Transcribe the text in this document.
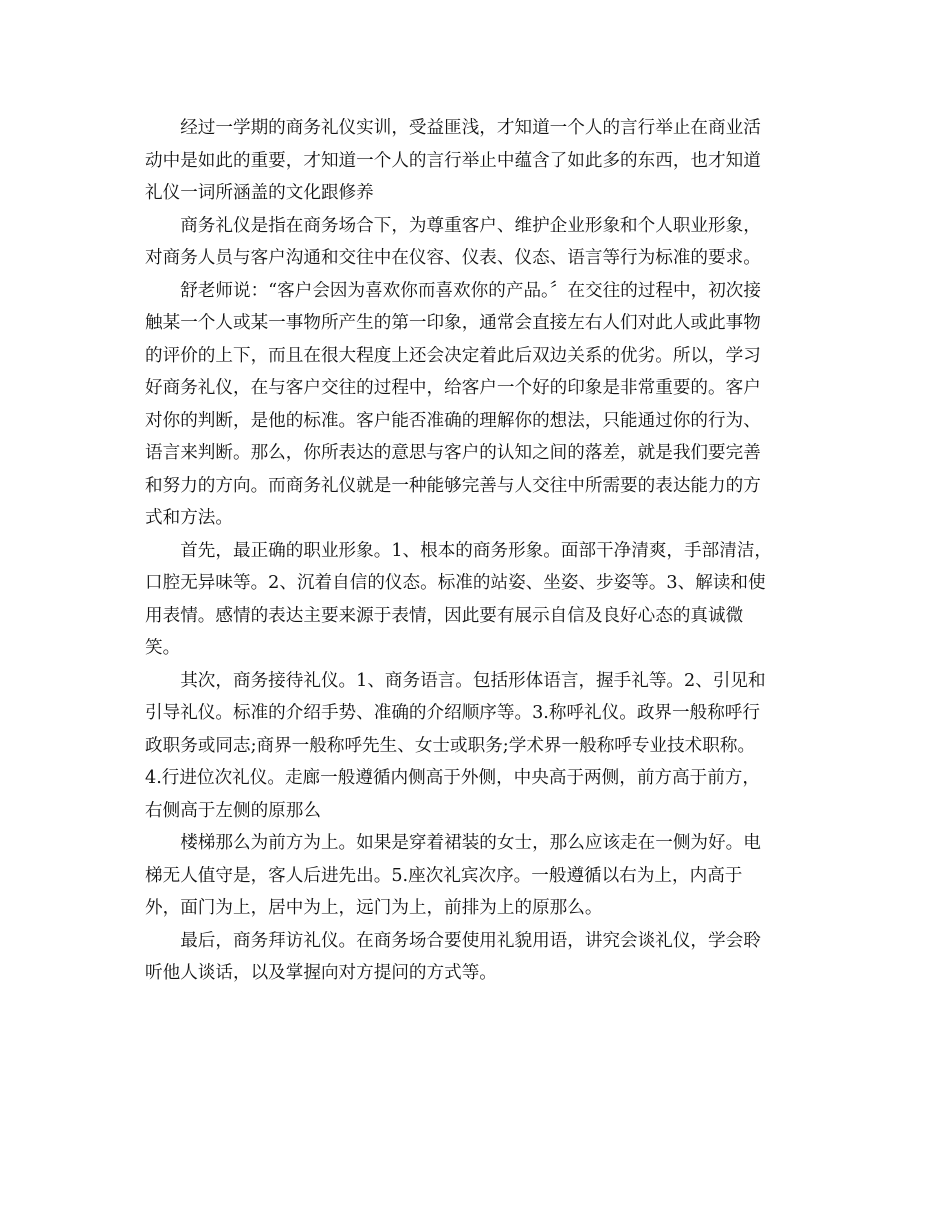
经过一学期的商务礼仪实训，受益匪浅，才知道一个人的言行举止在商业活
动中是如此的重要，才知道一个人的言行举止中蕴含了如此多的东西，也才知道
礼仪一词所涵盖的文化跟修养

商务礼仪是指在商务场合下，为尊重客户、维护企业形象和个人职业形象，
对商务人员与客户沟通和交往中在仪容、仪表、仪态、语言等行为标准的要求。

舒老师说：“客户会因为喜欢你而喜欢你的产品。〞在交往的过程中，初次接
触某一个人或某一事物所产生的第一印象，通常会直接左右人们对此人或此事物
的评价的上下，而且在很大程度上还会决定着此后双边关系的优劣。所以，学习
好商务礼仪，在与客户交往的过程中，给客户一个好的印象是非常重要的。客户
对你的判断，是他的标准。客户能否准确的理解你的想法，只能通过你的行为、
语言来判断。那么，你所表达的意思与客户的认知之间的落差，就是我们要完善
和努力的方向。而商务礼仪就是一种能够完善与人交往中所需要的表达能力的方
式和方法。

首先，最正确的职业形象。1、根本的商务形象。面部干净清爽，手部清洁，
口腔无异味等。2、沉着自信的仪态。标准的站姿、坐姿、步姿等。3、解读和使
用表情。感情的表达主要来源于表情，因此要有展示自信及良好心态的真诚微
笑。

其次，商务接待礼仪。1、商务语言。包括形体语言，握手礼等。2、引见和
引导礼仪。标准的介绍手势、准确的介绍顺序等。3.称呼礼仪。政界一般称呼行
政职务或同志;商界一般称呼先生、女士或职务;学术界一般称呼专业技术职称。
4.行进位次礼仪。走廊一般遵循内侧高于外侧，中央高于两侧，前方高于前方，
右侧高于左侧的原那么

楼梯那么为前方为上。如果是穿着裙装的女士，那么应该走在一侧为好。电
梯无人值守是，客人后进先出。5.座次礼宾次序。一般遵循以右为上，内高于
外，面门为上，居中为上，远门为上，前排为上的原那么。

最后，商务拜访礼仪。在商务场合要使用礼貌用语，讲究会谈礼仪，学会聆
听他人谈话，以及掌握向对方提问的方式等。
